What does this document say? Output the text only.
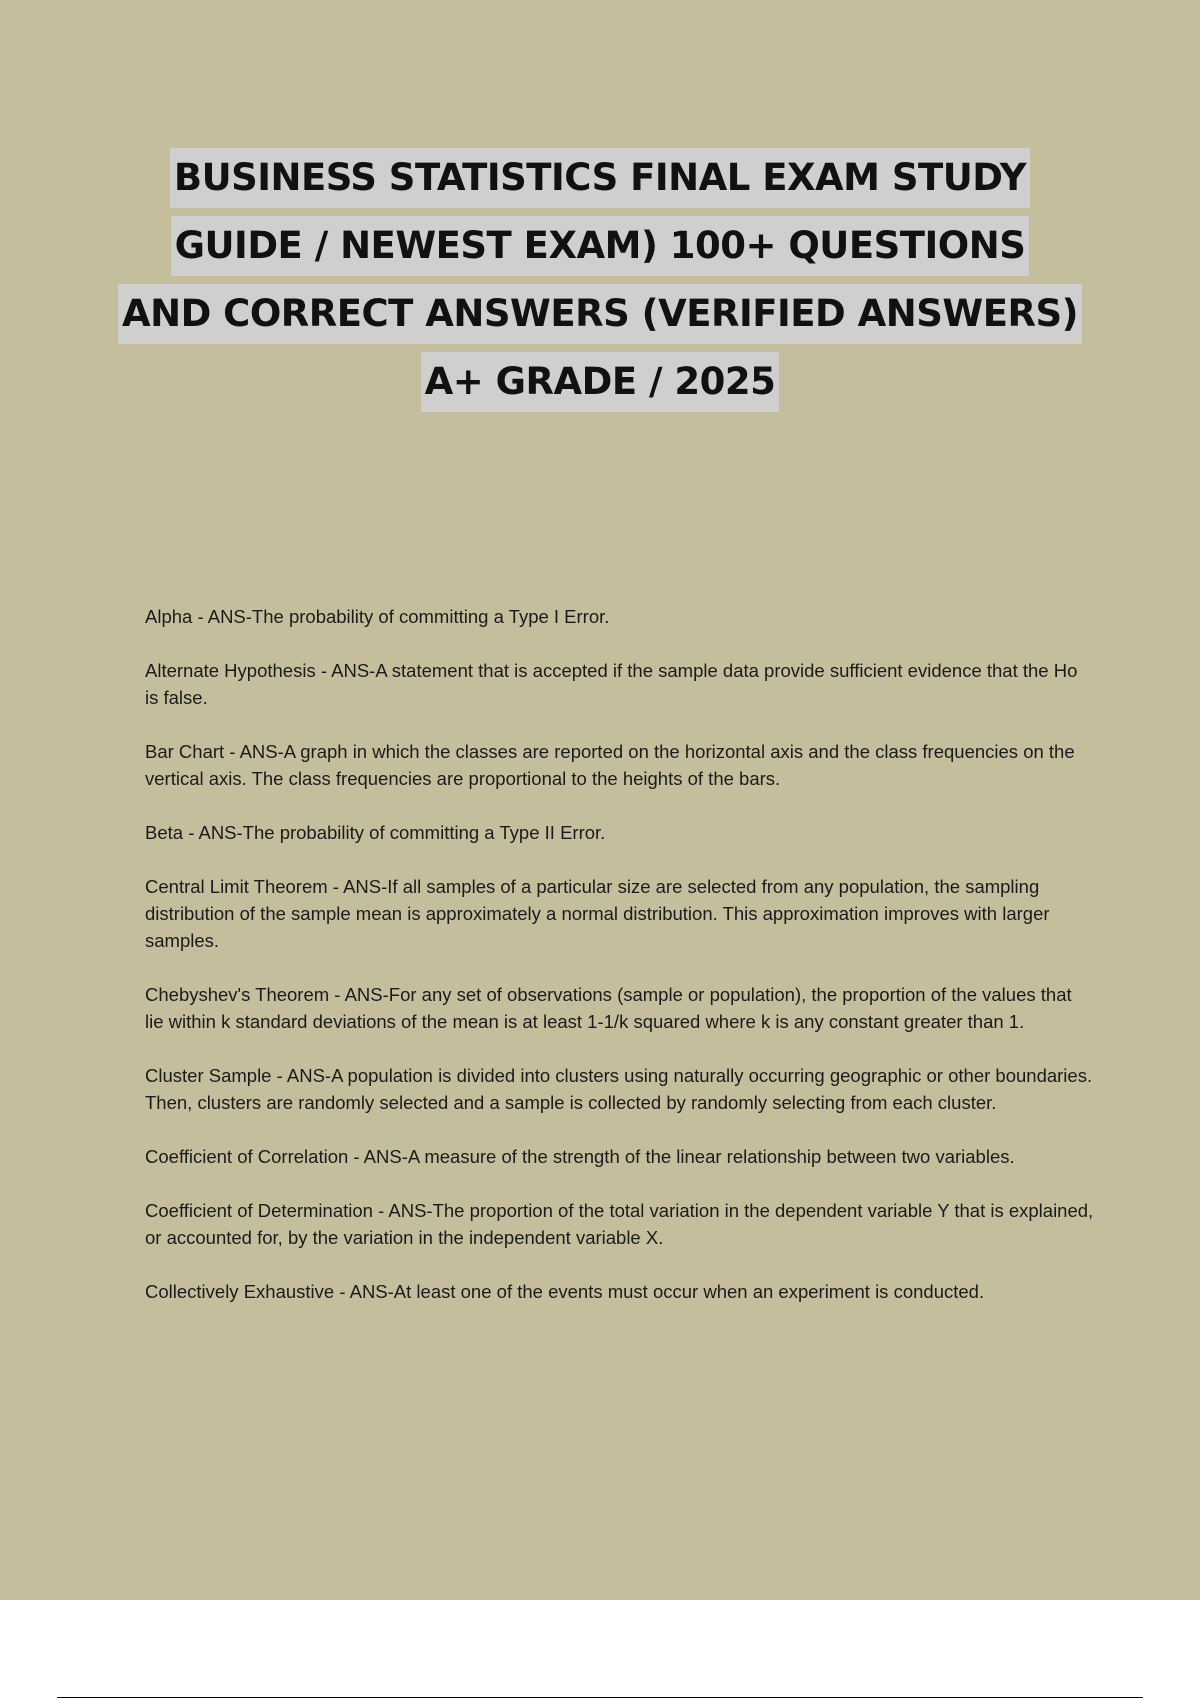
BUSINESS STATISTICS FINAL EXAM STUDY
GUIDE / NEWEST EXAM) 100+ QUESTIONS
AND CORRECT ANSWERS (VERIFIED ANSWERS)
A+ GRADE / 2025

Alpha - ANS-The probability of committing a Type I Error.

Alternate Hypothesis - ANS-A statement that is accepted if the sample data provide sufficient evidence that the Ho is false.

Bar Chart - ANS-A graph in which the classes are reported on the horizontal axis and the class frequencies on the vertical axis. The class frequencies are proportional to the heights of the bars.

Beta - ANS-The probability of committing a Type II Error.

Central Limit Theorem - ANS-If all samples of a particular size are selected from any population, the sampling distribution of the sample mean is approximately a normal distribution. This approximation improves with larger samples.

Chebyshev's Theorem - ANS-For any set of observations (sample or population), the proportion of the values that lie within k standard deviations of the mean is at least 1-1/k squared where k is any constant greater than 1.

Cluster Sample - ANS-A population is divided into clusters using naturally occurring geographic or other boundaries. Then, clusters are randomly selected and a sample is collected by randomly selecting from each cluster.

Coefficient of Correlation - ANS-A measure of the strength of the linear relationship between two variables.

Coefficient of Determination - ANS-The proportion of the total variation in the dependent variable Y that is explained, or accounted for, by the variation in the independent variable X.

Collectively Exhaustive - ANS-At least one of the events must occur when an experiment is conducted.
